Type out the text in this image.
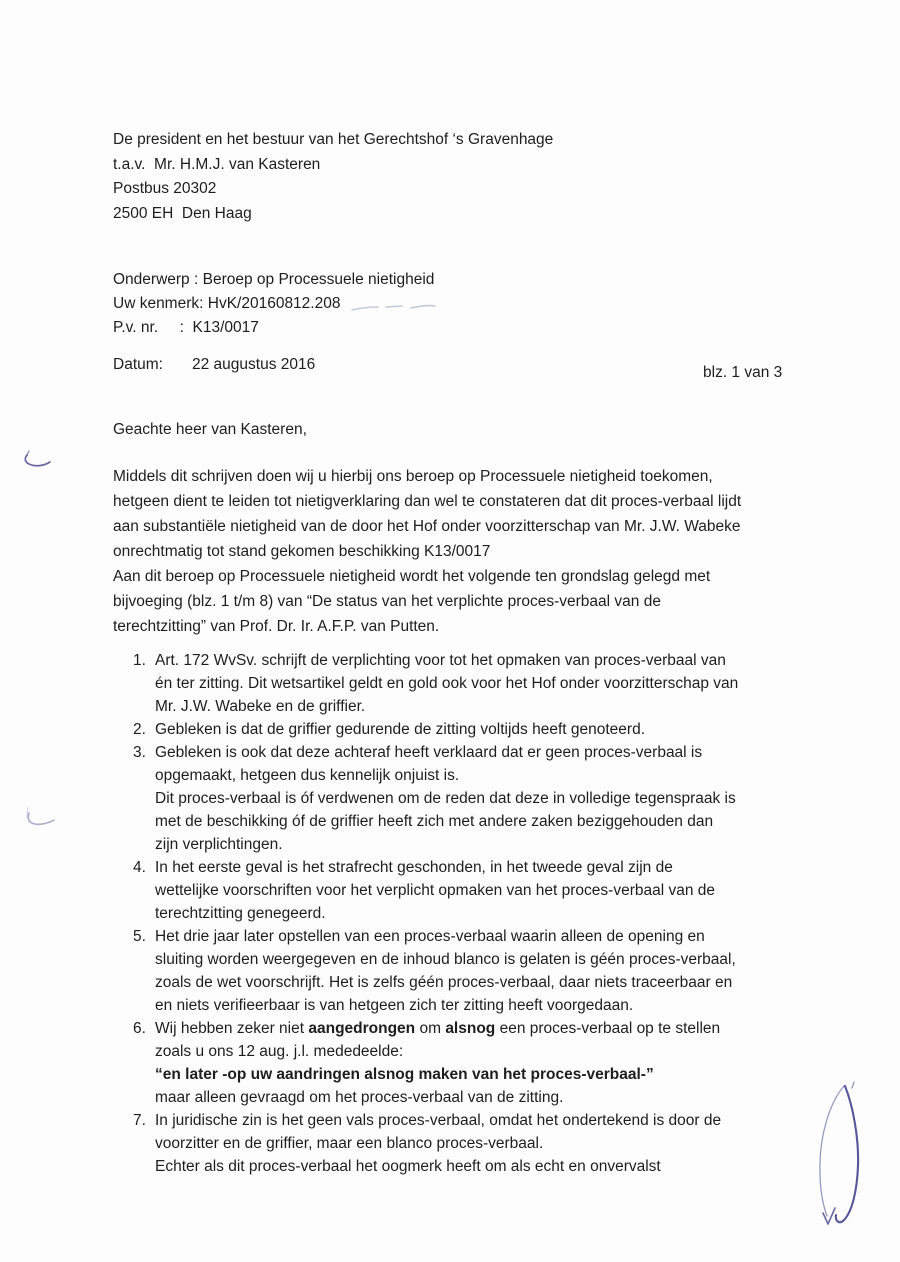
De president en het bestuur van het Gerechtshof ‘s Gravenhage
t.a.v.  Mr. H.M.J. van Kasteren
Postbus 20302
2500 EH  Den Haag
Onderwerp : Beroep op Processuele nietigheid
Uw kenmerk: HvK/20160812.208
P.v. nr.     : K13/0017
Datum: 22 augustus 2016	blz. 1 van 3
Geachte heer van Kasteren,
Middels dit schrijven doen wij u hierbij ons beroep op Processuele nietigheid toekomen,
hetgeen dient te leiden tot nietigverklaring dan wel te constateren dat dit proces-verbaal lijdt
aan substantiële nietigheid van de door het Hof onder voorzitterschap van Mr. J.W. Wabeke
onrechtmatig tot stand gekomen beschikking K13/0017
Aan dit beroep op Processuele nietigheid wordt het volgende ten grondslag gelegd met
bijvoeging (blz. 1 t/m 8) van “De status van het verplichte proces-verbaal van de
terechtzitting” van Prof. Dr. Ir. A.F.P. van Putten.
1. Art. 172 WvSv. schrijft de verplichting voor tot het opmaken van proces-verbaal van
én ter zitting. Dit wetsartikel geldt en gold ook voor het Hof onder voorzitterschap van
Mr. J.W. Wabeke en de griffier.
2. Gebleken is dat de griffier gedurende de zitting voltijds heeft genoteerd.
3. Gebleken is ook dat deze achteraf heeft verklaard dat er geen proces-verbaal is
opgemaakt, hetgeen dus kennelijk onjuist is.
Dit proces-verbaal is óf verdwenen om de reden dat deze in volledige tegenspraak is
met de beschikking óf de griffier heeft zich met andere zaken beziggehouden dan
zijn verplichtingen.
4. In het eerste geval is het strafrecht geschonden, in het tweede geval zijn de
wettelijke voorschriften voor het verplicht opmaken van het proces-verbaal van de
terechtzitting genegeerd.
5. Het drie jaar later opstellen van een proces-verbaal waarin alleen de opening en
sluiting worden weergegeven en de inhoud blanco is gelaten is géén proces-verbaal,
zoals de wet voorschrijft. Het is zelfs géén proces-verbaal, daar niets traceerbaar en
en niets verifieerbaar is van hetgeen zich ter zitting heeft voorgedaan.
6. Wij hebben zeker niet aangedrongen om alsnog een proces-verbaal op te stellen
zoals u ons 12 aug. j.l. mededeelde:
“en later -op uw aandringen alsnog maken van het proces-verbaal-”
maar alleen gevraagd om het proces-verbaal van de zitting.
7. In juridische zin is het geen vals proces-verbaal, omdat het ondertekend is door de
voorzitter en de griffier, maar een blanco proces-verbaal.
Echter als dit proces-verbaal het oogmerk heeft om als echt en onvervalst
